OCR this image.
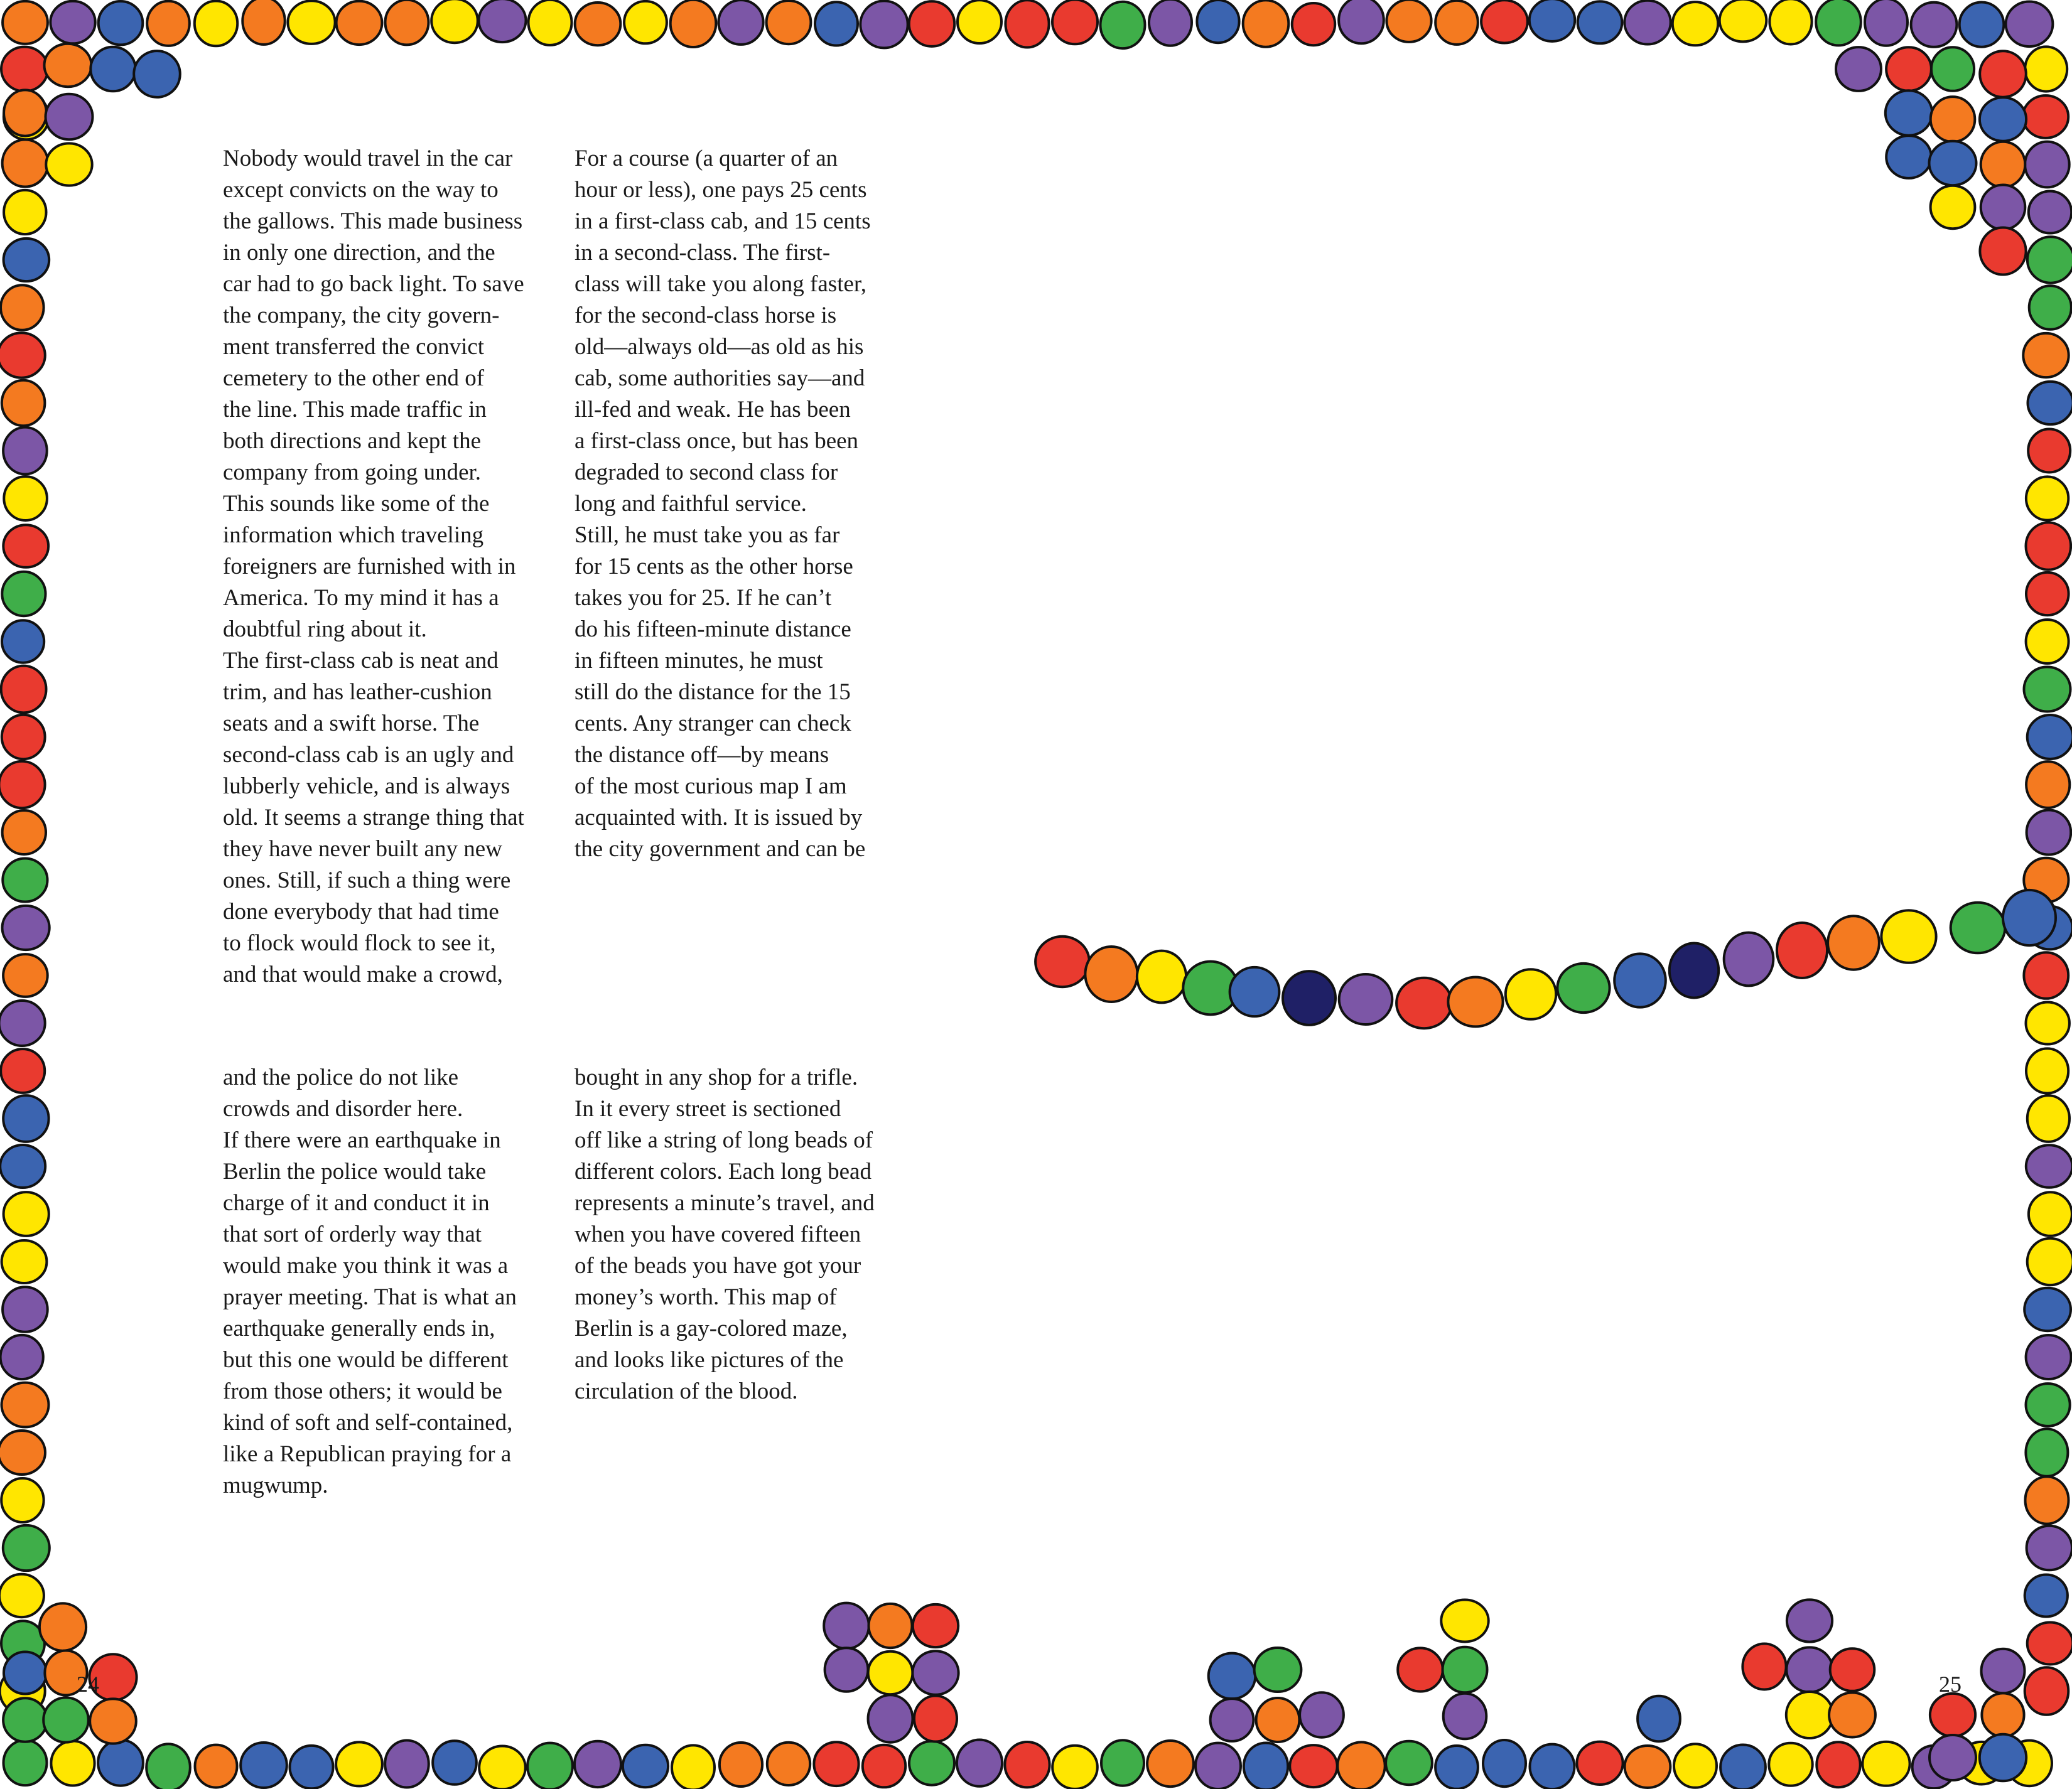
Nobody would travel in the car
except convicts on the way to
the gallows. This made business
in only one direction, and the
car had to go back light. To save
the company, the city govern-
ment transferred the convict
cemetery to the other end of
the line. This made traffic in
both directions and kept the
company from going under.
This sounds like some of the
information which traveling
foreigners are furnished with in
America. To my mind it has a
doubtful ring about it.
The first-class cab is neat and
trim, and has leather-cushion
seats and a swift horse. The
second-class cab is an ugly and
lubberly vehicle, and is always
old. It seems a strange thing that
they have never built any new
ones. Still, if such a thing were
done everybody that had time
to flock would flock to see it,
and that would make a crowd,
For a course (a quarter of an
hour or less), one pays 25 cents
in a first-class cab, and 15 cents
in a second-class. The first-
class will take you along faster,
for the second-class horse is
old—always old—as old as his
cab, some authorities say—and
ill-fed and weak. He has been
a first-class once, but has been
degraded to second class for
long and faithful service.
Still, he must take you as far
for 15 cents as the other horse
takes you for 25. If he can’t
do his fifteen-minute distance
in fifteen minutes, he must
still do the distance for the 15
cents. Any stranger can check
the distance off—by means
of the most curious map I am
acquainted with. It is issued by
the city government and can be
and the police do not like
crowds and disorder here.
If there were an earthquake in
Berlin the police would take
charge of it and conduct it in
that sort of orderly way that
would make you think it was a
prayer meeting. That is what an
earthquake generally ends in,
but this one would be different
from those others; it would be
kind of soft and self-contained,
like a Republican praying for a
mugwump.
bought in any shop for a trifle.
In it every street is sectioned
off like a string of long beads of
different colors. Each long bead
represents a minute’s travel, and
when you have covered fifteen
of the beads you have got your
money’s worth. This map of
Berlin is a gay-colored maze,
and looks like pictures of the
circulation of the blood.
24	25
